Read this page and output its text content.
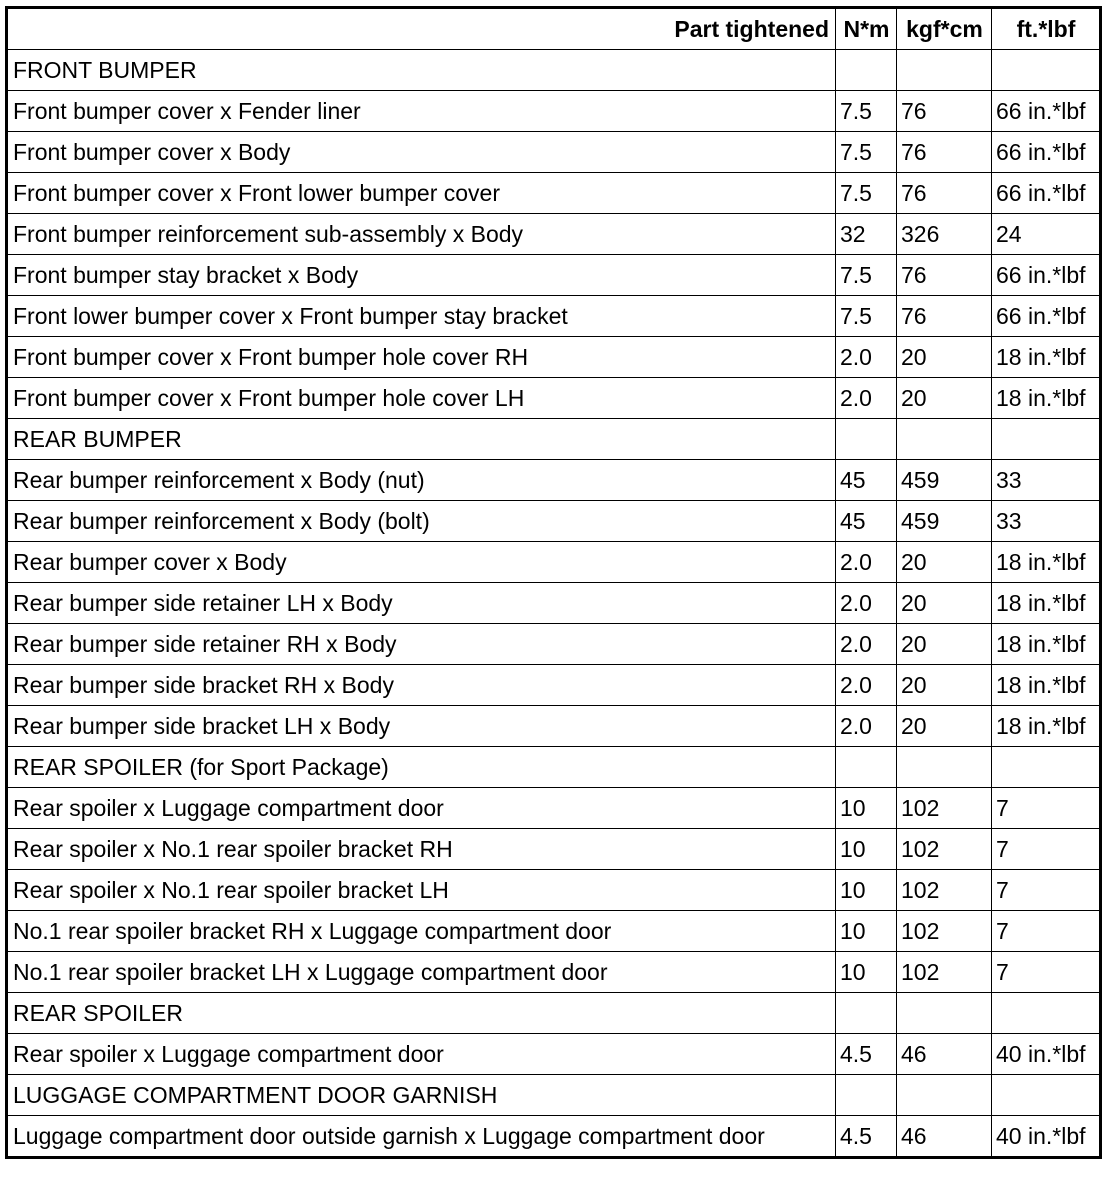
Part tightened	N*m	kgf*cm	ft.*lbf
FRONT BUMPER			
Front bumper cover x Fender liner	7.5	76	66 in.*lbf
Front bumper cover x Body	7.5	76	66 in.*lbf
Front bumper cover x Front lower bumper cover	7.5	76	66 in.*lbf
Front bumper reinforcement sub-assembly x Body	32	326	24
Front bumper stay bracket x Body	7.5	76	66 in.*lbf
Front lower bumper cover x Front bumper stay bracket	7.5	76	66 in.*lbf
Front bumper cover x Front bumper hole cover RH	2.0	20	18 in.*lbf
Front bumper cover x Front bumper hole cover LH	2.0	20	18 in.*lbf
REAR BUMPER			
Rear bumper reinforcement x Body (nut)	45	459	33
Rear bumper reinforcement x Body (bolt)	45	459	33
Rear bumper cover x Body	2.0	20	18 in.*lbf
Rear bumper side retainer LH x Body	2.0	20	18 in.*lbf
Rear bumper side retainer RH x Body	2.0	20	18 in.*lbf
Rear bumper side bracket RH x Body	2.0	20	18 in.*lbf
Rear bumper side bracket LH x Body	2.0	20	18 in.*lbf
REAR SPOILER (for Sport Package)			
Rear spoiler x Luggage compartment door	10	102	7
Rear spoiler x No.1 rear spoiler bracket RH	10	102	7
Rear spoiler x No.1 rear spoiler bracket LH	10	102	7
No.1 rear spoiler bracket RH x Luggage compartment door	10	102	7
No.1 rear spoiler bracket LH x Luggage compartment door	10	102	7
REAR SPOILER			
Rear spoiler x Luggage compartment door	4.5	46	40 in.*lbf
LUGGAGE COMPARTMENT DOOR GARNISH			
Luggage compartment door outside garnish x Luggage compartment door	4.5	46	40 in.*lbf
